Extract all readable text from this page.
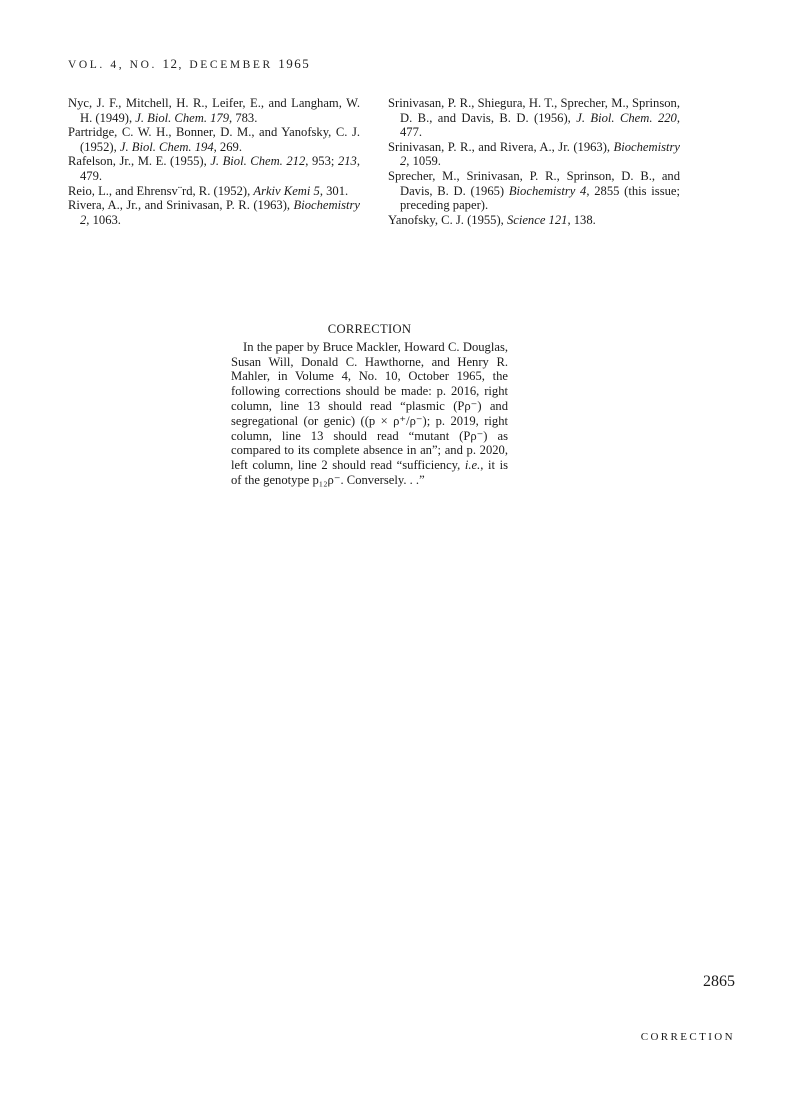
VOL. 4, NO. 12, DECEMBER 1965

Nyc, J. F., Mitchell, H. R., Leifer, E., and Langham, W. H. (1949), J. Biol. Chem. 179, 783.

Partridge, C. W. H., Bonner, D. M., and Yanofsky, C. J. (1952), J. Biol. Chem. 194, 269.

Rafelson, Jr., M. E. (1955), J. Biol. Chem. 212, 953; 213, 479.

Reio, L., and Ehrensv¨rd, R. (1952), Arkiv Kemi 5, 301.

Rivera, A., Jr., and Srinivasan, P. R. (1963), Biochemistry 2, 1063.

Srinivasan, P. R., Shiegura, H. T., Sprecher, M., Sprinson, D. B., and Davis, B. D. (1956), J. Biol. Chem. 220, 477.

Srinivasan, P. R., and Rivera, A., Jr. (1963), Biochemistry 2, 1059.

Sprecher, M., Srinivasan, P. R., Sprinson, D. B., and Davis, B. D. (1965) Biochemistry 4, 2855 (this issue; preceding paper).

Yanofsky, C. J. (1955), Science 121, 138.

CORRECTION

In the paper by Bruce Mackler, Howard C. Douglas, Susan Will, Donald C. Hawthorne, and Henry R. Mahler, in Volume 4, No. 10, October 1965, the following corrections should be made: p. 2016, right column, line 13 should read “plasmic (Pρ⁻) and segregational (or genic) ((p × ρ⁺/ρ⁻); p. 2019, right column, line 13 should read “mutant (Pρ⁻) as compared to its complete absence in an”; and p. 2020, left column, line 2 should read “sufficiency, i.e., it is of the genotype p₁₂ρ⁻. Conversely. . .”

2865
CORRECTION
